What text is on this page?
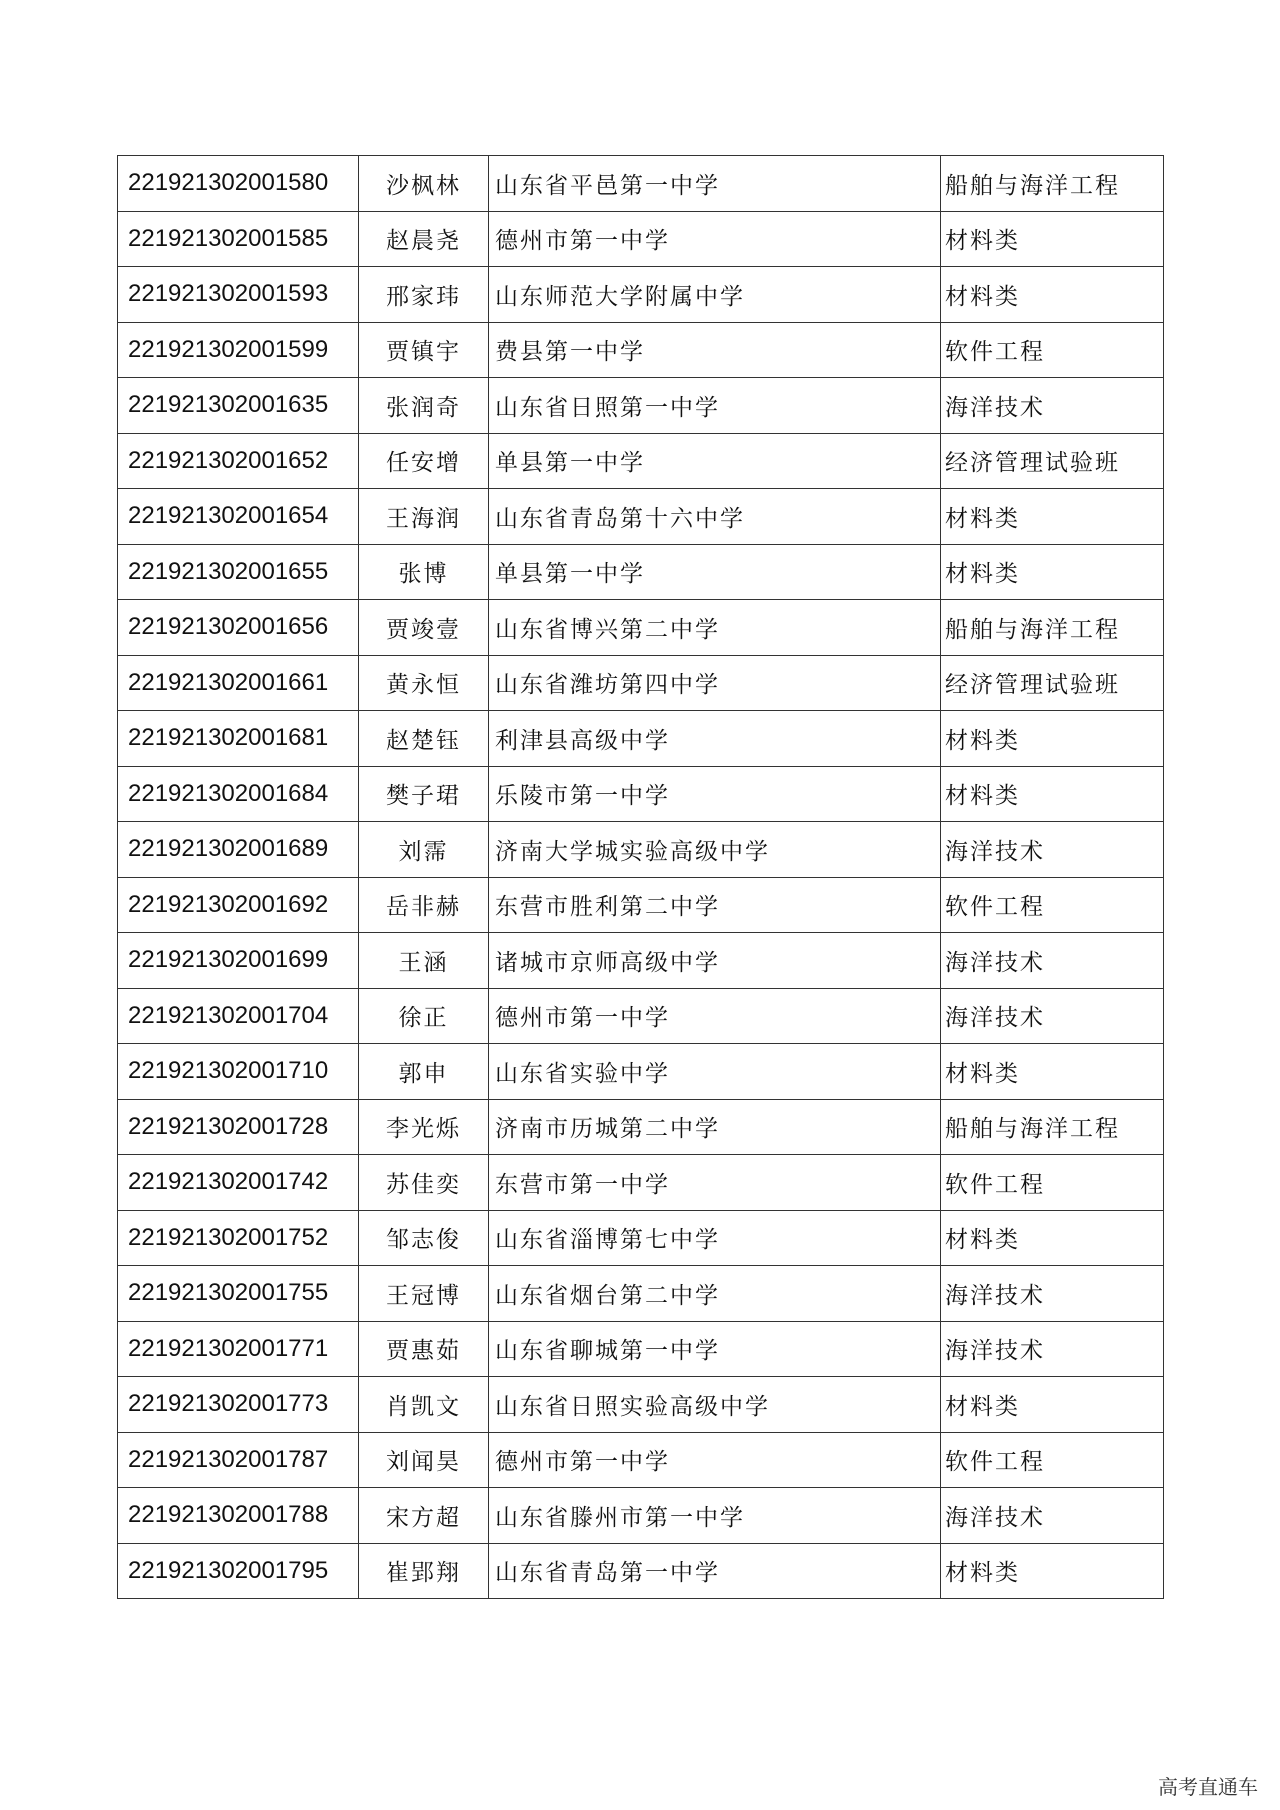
221921302001580	沙枫林	山东省平邑第一中学	船舶与海洋工程
221921302001585	赵晨尧	德州市第一中学	材料类
221921302001593	邢家玮	山东师范大学附属中学	材料类
221921302001599	贾镇宇	费县第一中学	软件工程
221921302001635	张润奇	山东省日照第一中学	海洋技术
221921302001652	任安增	单县第一中学	经济管理试验班
221921302001654	王海润	山东省青岛第十六中学	材料类
221921302001655	张博	单县第一中学	材料类
221921302001656	贾竣壹	山东省博兴第二中学	船舶与海洋工程
221921302001661	黄永恒	山东省潍坊第四中学	经济管理试验班
221921302001681	赵楚钰	利津县高级中学	材料类
221921302001684	樊子珺	乐陵市第一中学	材料类
221921302001689	刘霈	济南大学城实验高级中学	海洋技术
221921302001692	岳非赫	东营市胜利第二中学	软件工程
221921302001699	王涵	诸城市京师高级中学	海洋技术
221921302001704	徐正	德州市第一中学	海洋技术
221921302001710	郭申	山东省实验中学	材料类
221921302001728	李光烁	济南市历城第二中学	船舶与海洋工程
221921302001742	苏佳奕	东营市第一中学	软件工程
221921302001752	邹志俊	山东省淄博第七中学	材料类
221921302001755	王冠博	山东省烟台第二中学	海洋技术
221921302001771	贾惠茹	山东省聊城第一中学	海洋技术
221921302001773	肖凯文	山东省日照实验高级中学	材料类
221921302001787	刘闻昊	德州市第一中学	软件工程
221921302001788	宋方超	山东省滕州市第一中学	海洋技术
221921302001795	崔郢翔	山东省青岛第一中学	材料类
高考直通车
